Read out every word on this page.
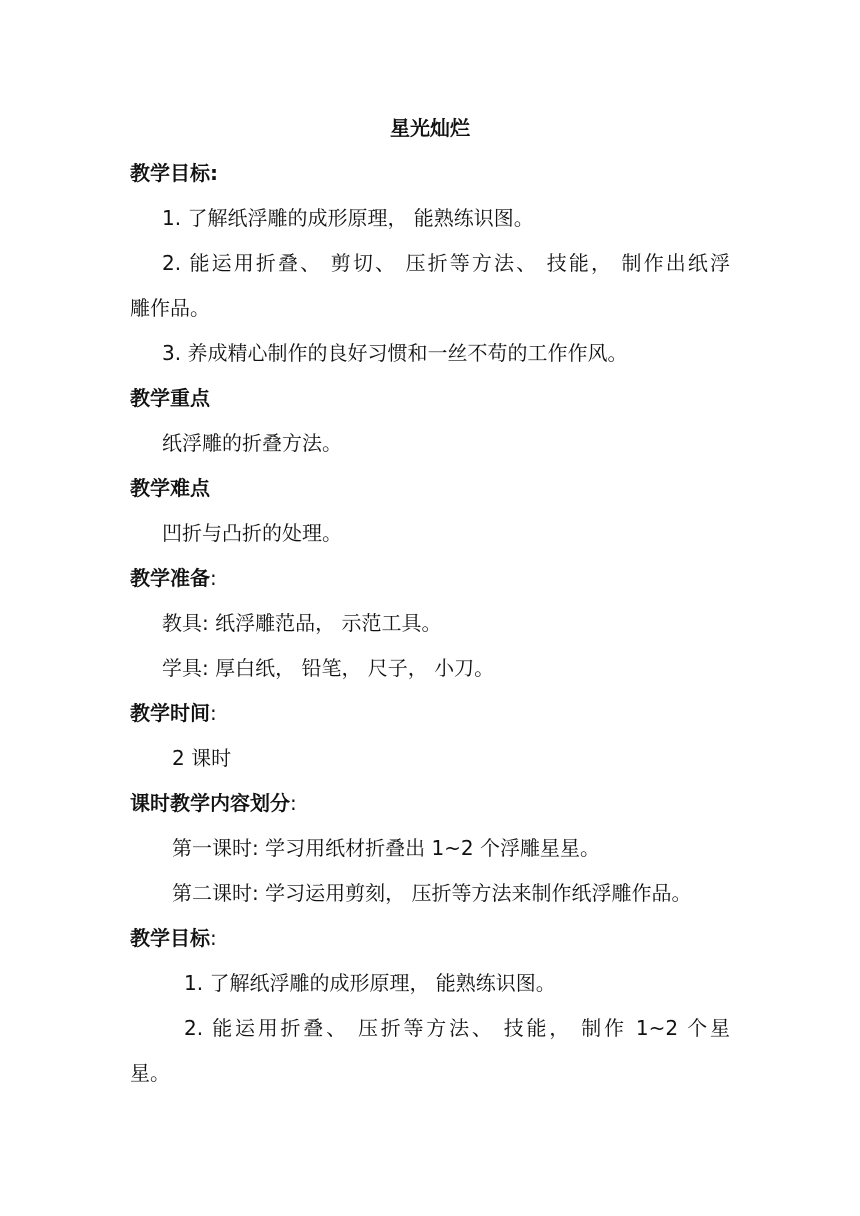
星光灿烂
教学目标:
1. 了解纸浮雕的成形原理， 能熟练识图。
2. 能运用折叠、 剪切、 压折等方法、 技能， 制作出纸浮
雕作品。
3. 养成精心制作的良好习惯和一丝不苟的工作作风。
教学重点
纸浮雕的折叠方法。
教学难点
凹折与凸折的处理。
教学准备:
教具: 纸浮雕范品， 示范工具。
学具: 厚白纸， 铅笔， 尺子， 小刀。
教学时间:
2 课时
课时教学内容划分:
第一课时: 学习用纸材折叠出 1~2 个浮雕星星。
第二课时: 学习运用剪刻， 压折等方法来制作纸浮雕作品。
教学目标:
1. 了解纸浮雕的成形原理， 能熟练识图。
2. 能运用折叠、 压折等方法、 技能， 制作 1~2 个星
星。
